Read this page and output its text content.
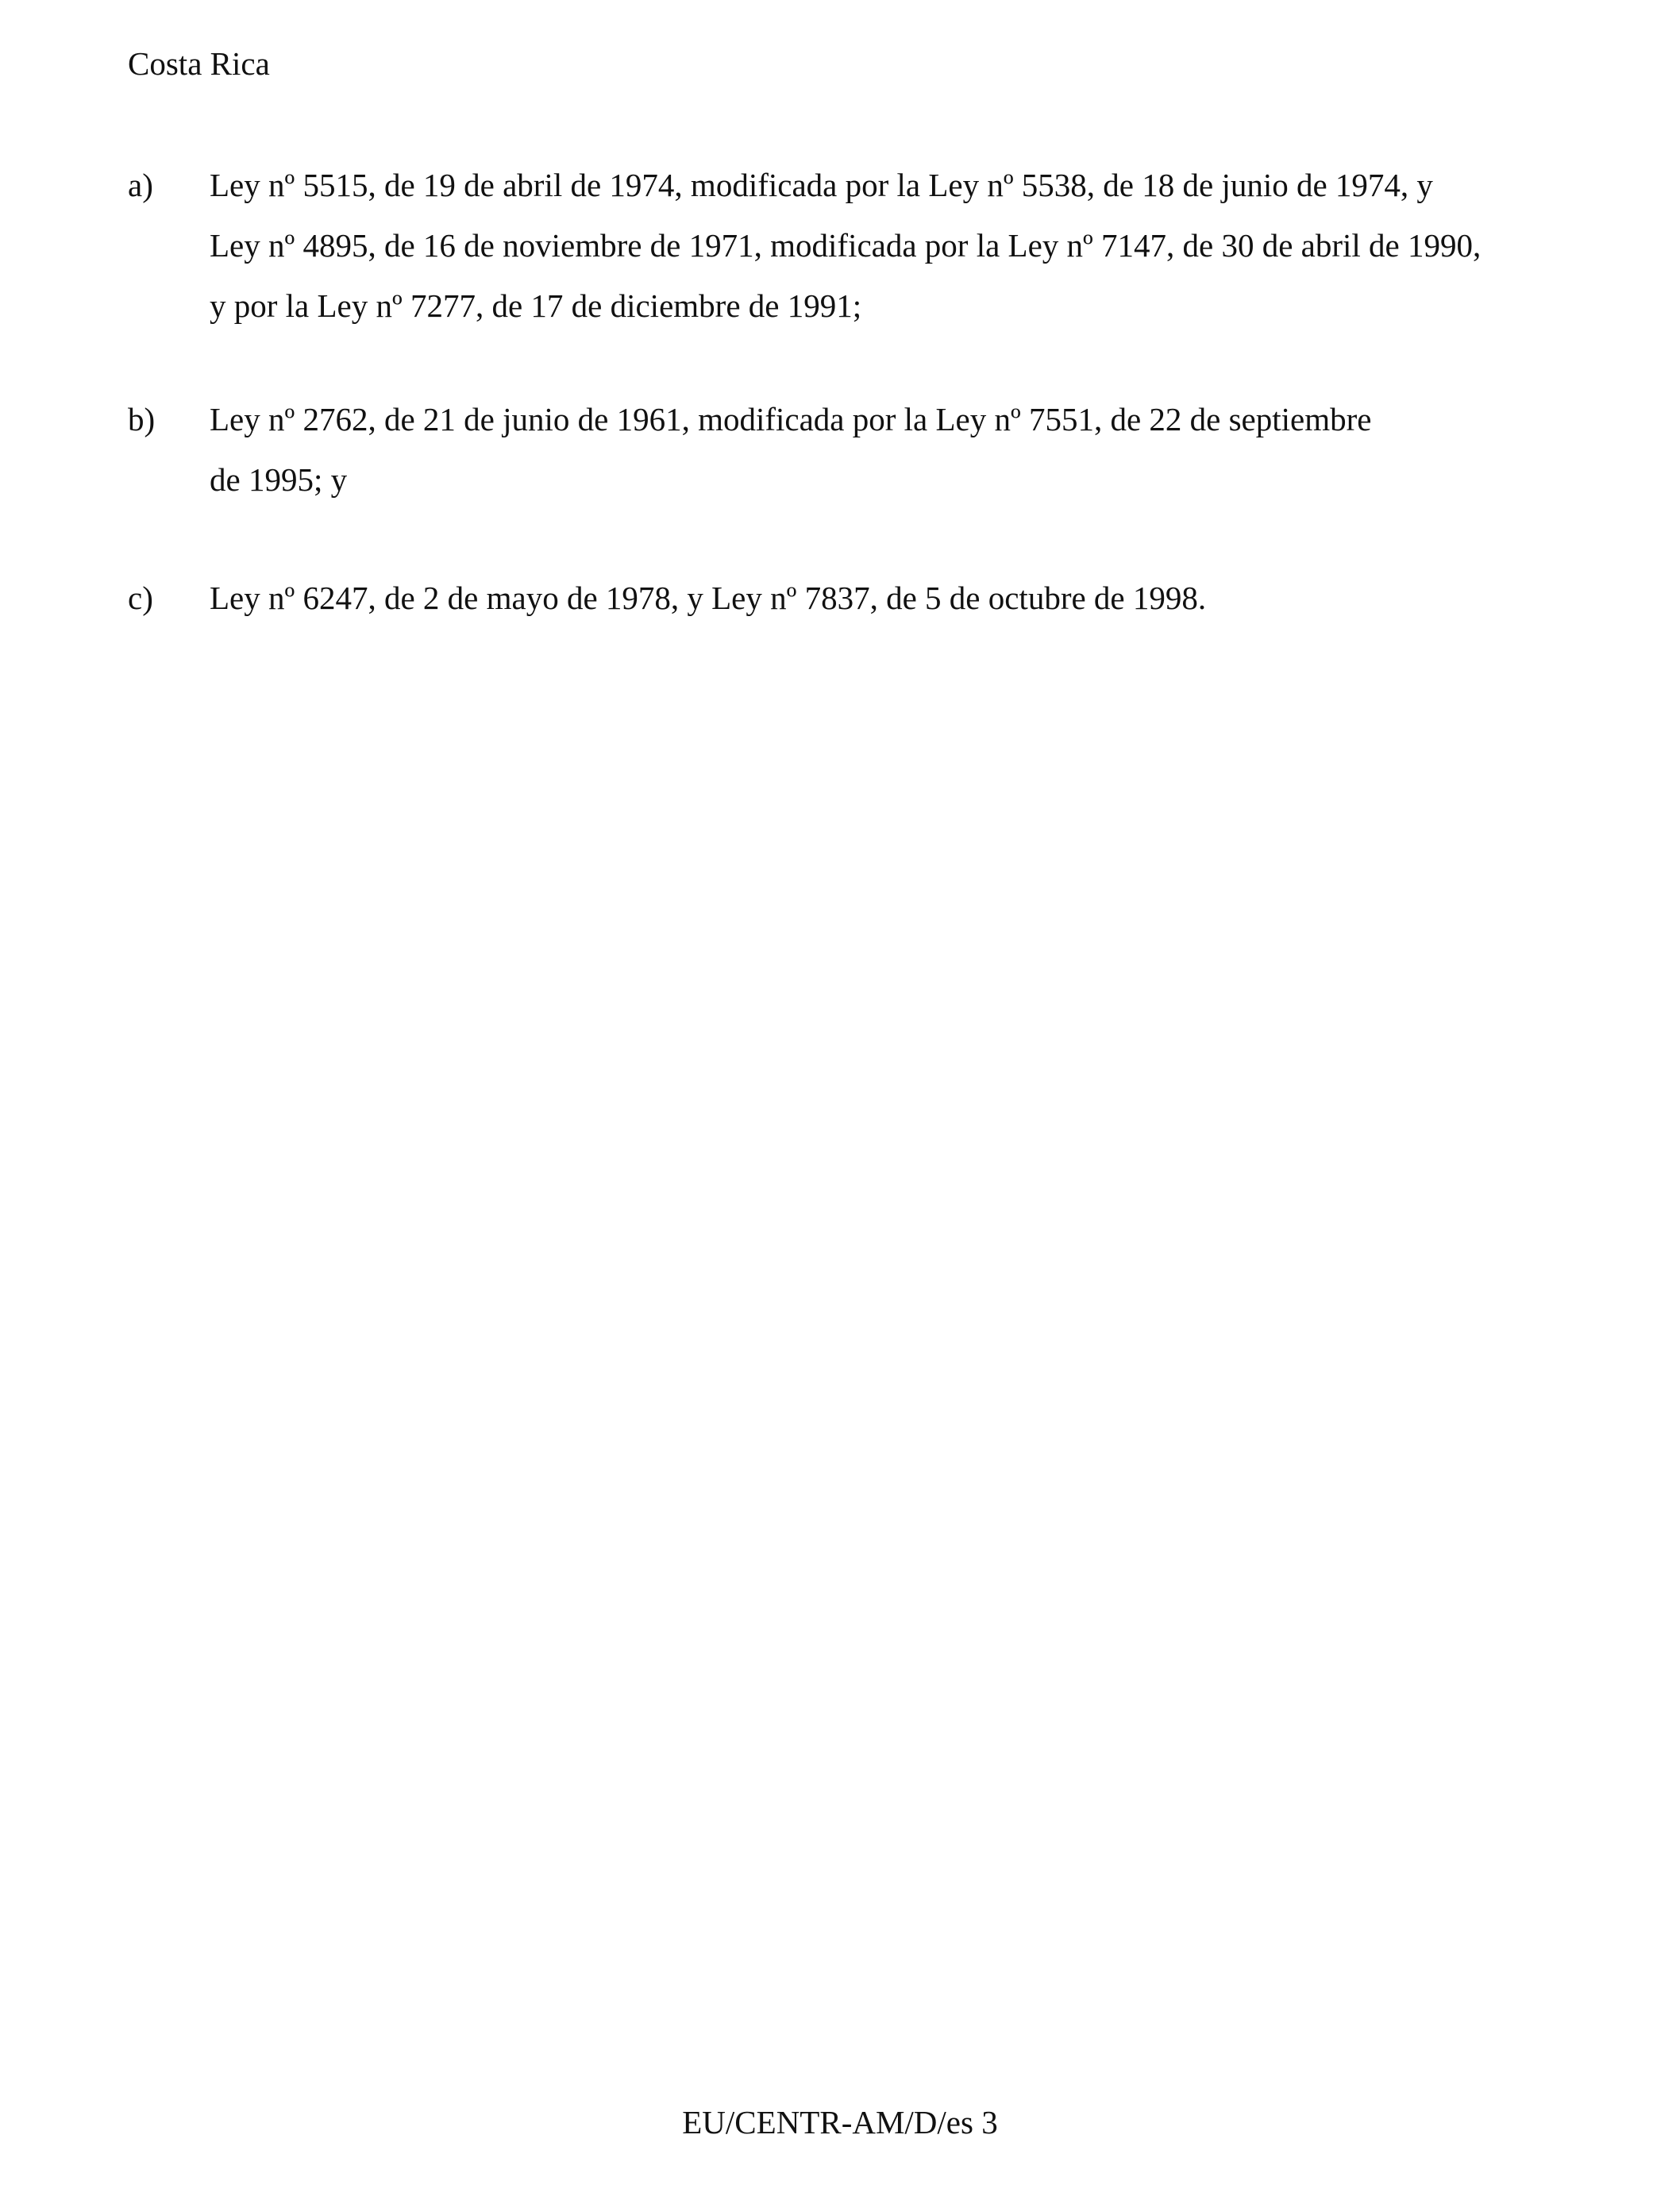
Costa Rica
a) Ley nº 5515, de 19 de abril de 1974, modificada por la Ley nº 5538, de 18 de junio de 1974, y
Ley nº 4895, de 16 de noviembre de 1971, modificada por la Ley nº 7147, de 30 de abril de 1990,
y por la Ley nº 7277, de 17 de diciembre de 1991;
b) Ley nº 2762, de 21 de junio de 1961, modificada por la Ley nº 7551, de 22 de septiembre
de 1995; y
c) Ley nº 6247, de 2 de mayo de 1978, y Ley nº 7837, de 5 de octubre de 1998.
EU/CENTR-AM/D/es 3
